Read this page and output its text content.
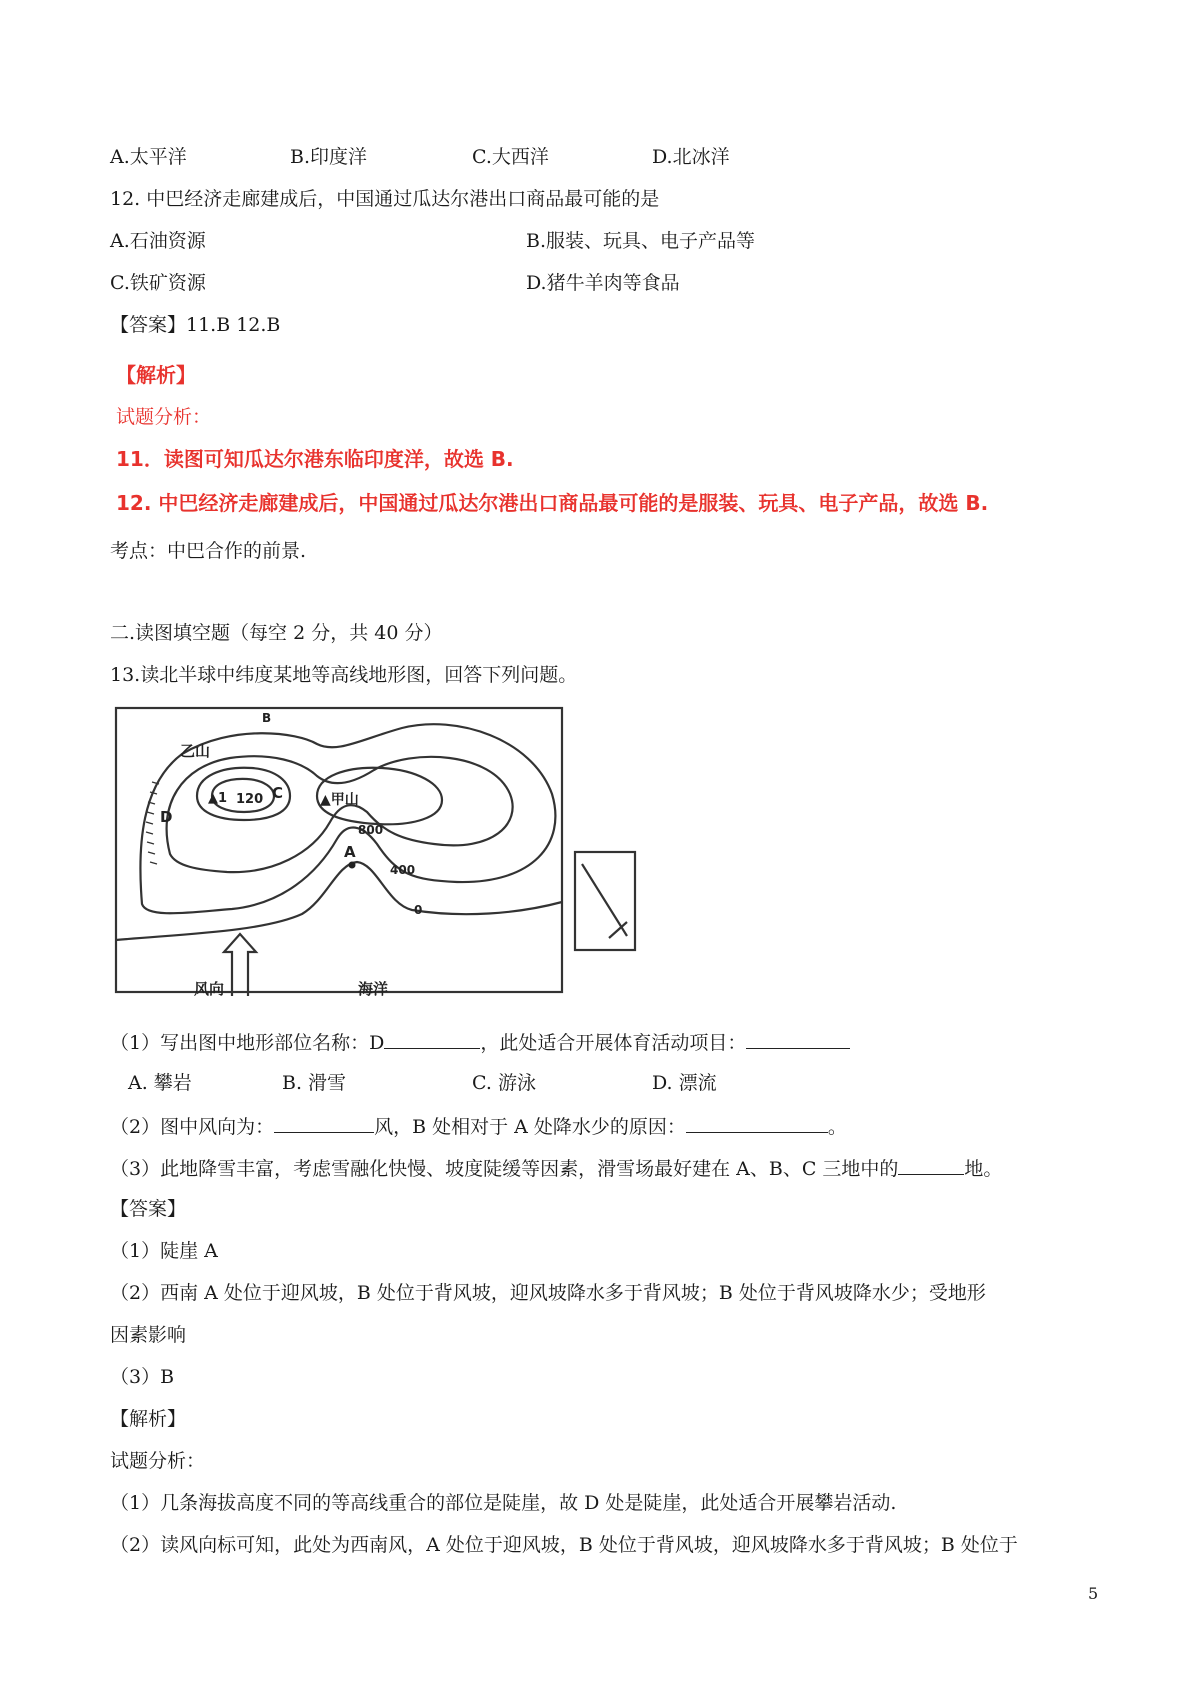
A.太平洋	B.印度洋	C.大西洋	D.北冰洋
12. 中巴经济走廊建成后，中国通过瓜达尔港出口商品最可能的是
A.石油资源	B.服装、玩具、电子产品等
C.铁矿资源	D.猪牛羊肉等食品
【答案】11.B 12.B
【解析】
试题分析：
11．读图可知瓜达尔港东临印度洋，故选 B.
12. 中巴经济走廊建成后，中国通过瓜达尔港出口商品最可能的是服装、玩具、电子产品，故选 B.
考点：中巴合作的前景.
二.读图填空题（每空 2 分，共 40 分）
13.读北半球中纬度某地等高线地形图，回答下列问题。
乙山
▲1 120 C	▲甲山
D
A
B
800
400
0
风向	海洋
（1）写出图中地形部位名称：D	，此处适合开展体育活动项目：
A. 攀岩	B. 滑雪	C. 游泳	D. 漂流
（2）图中风向为：	风，B 处相对于 A 处降水少的原因：	。
（3）此地降雪丰富，考虑雪融化快慢、坡度陡缓等因素，滑雪场最好建在 A、B、C 三地中的	地。
【答案】
（1）陡崖 A
（2）西南 A 处位于迎风坡，B 处位于背风坡，迎风坡降水多于背风坡；B 处位于背风坡降水少；受地形
因素影响
（3）B
【解析】
试题分析：
（1）几条海拔高度不同的等高线重合的部位是陡崖，故 D 处是陡崖，此处适合开展攀岩活动.
（2）读风向标可知，此处为西南风，A 处位于迎风坡，B 处位于背风坡，迎风坡降水多于背风坡；B 处位于
5
